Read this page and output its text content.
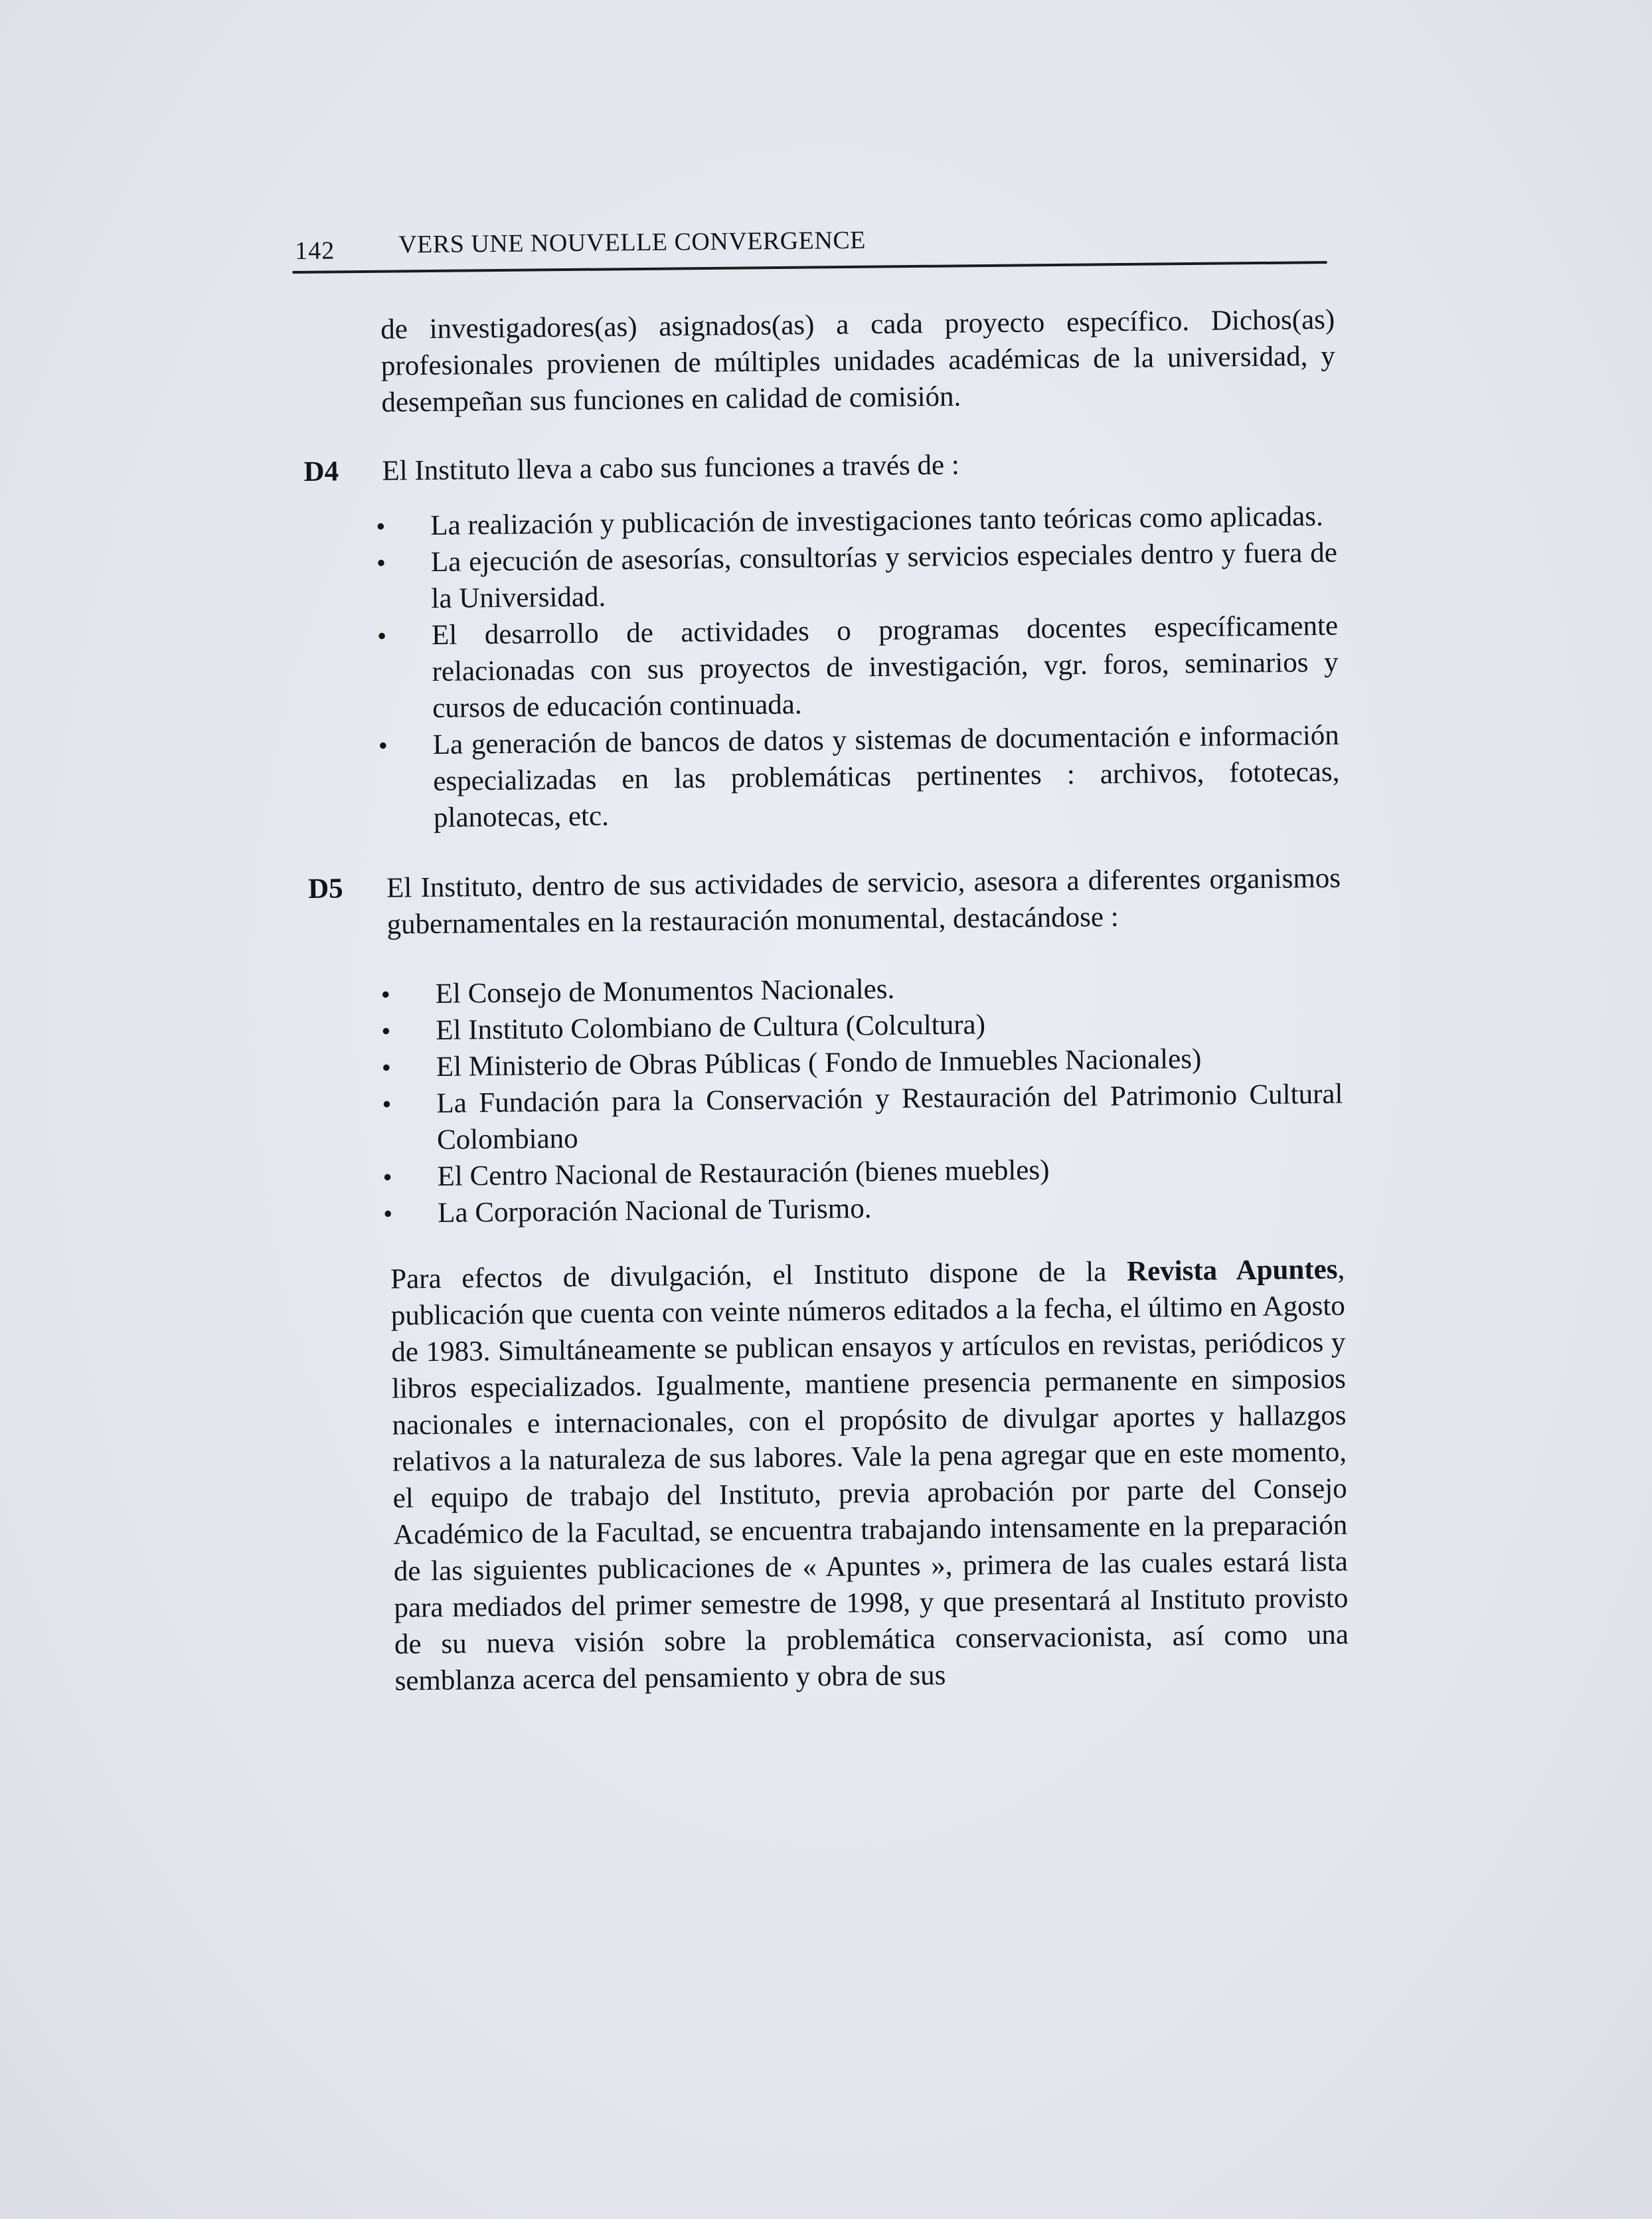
142	VERS UNE NOUVELLE CONVERGENCE

de investigadores(as) asignados(as) a cada proyecto específico. Dichos(as) profesionales provienen de múltiples unidades académicas de la universidad, y desempeñan sus funciones en calidad de comisión.

D4	El Instituto lleva a cabo sus funciones a través de :

• La realización y publicación de investigaciones tanto teóricas como aplicadas.
• La ejecución de asesorías, consultorías y servicios especiales dentro y fuera de la Universidad.
• El desarrollo de actividades o programas docentes específicamente relacionadas con sus proyectos de investigación, vgr. foros, seminarios y cursos de educación continuada.
• La generación de bancos de datos y sistemas de documentación e información especializadas en las problemáticas pertinentes : archivos, fototecas, planotecas, etc.
D5	El Instituto, dentro de sus actividades de servicio, asesora a diferentes organismos gubernamentales en la restauración monumental, destacándose :

• El Consejo de Monumentos Nacionales.
• El Instituto Colombiano de Cultura (Colcultura)
• El Ministerio de Obras Públicas ( Fondo de Inmuebles Nacionales)
• La Fundación para la Conservación y Restauración del Patrimonio Cultural Colombiano
• El Centro Nacional de Restauración (bienes muebles)
• La Corporación Nacional de Turismo.

Para efectos de divulgación, el Instituto dispone de la Revista Apuntes, publicación que cuenta con veinte números editados a la fecha, el último en Agosto de 1983. Simultáneamente se publican ensayos y artículos en revistas, periódicos y libros especializados. Igualmente, mantiene presencia permanente en simposios nacionales e internacionales, con el propósito de divulgar aportes y hallazgos relativos a la naturaleza de sus labores. Vale la pena agregar que en este momento, el equipo de trabajo del Instituto, previa aprobación por parte del Consejo Académico de la Facultad, se encuentra trabajando intensamente en la preparación de las siguientes publicaciones de « Apuntes », primera de las cuales estará lista para mediados del primer semestre de 1998, y que presentará al Instituto provisto de su nueva visión sobre la problemática conservacionista, así como una semblanza acerca del pensamiento y obra de sus
